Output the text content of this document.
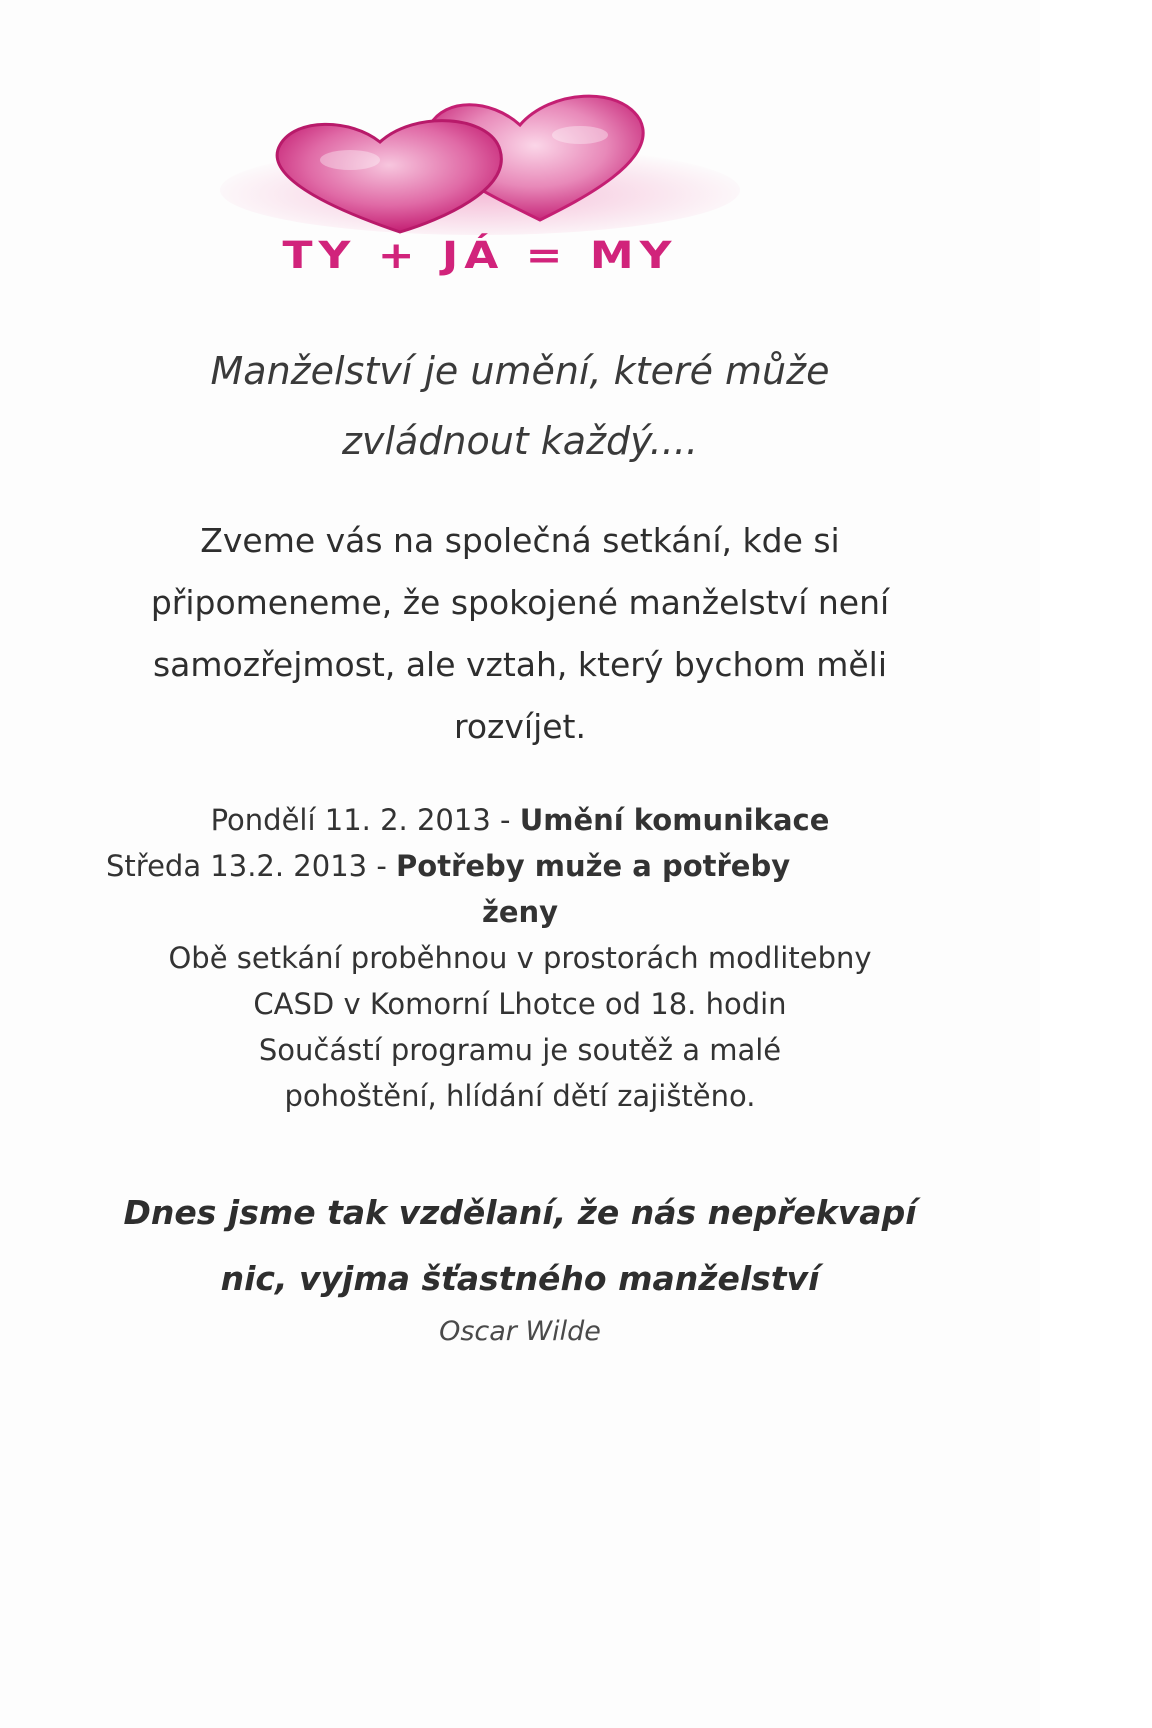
TY + JÁ = MY
Manželství je umění, které může
zvládnout každý....
Zveme vás na společná setkání, kde si
připomeneme, že spokojené manželství není
samozřejmost, ale vztah, který bychom měli
rozvíjet.
Pondělí 11. 2. 2013 - Umění komunikace
Středa 13.2. 2013 - Potřeby muže a potřeby
ženy
Obě setkání proběhnou v prostorách modlitebny
CASD v Komorní Lhotce od 18. hodin
Součástí programu je soutěž a malé
pohoštění, hlídání dětí zajištěno.
Dnes jsme tak vzdělaní, že nás nepřekvapí
nic, vyjma šťastného manželství
Oscar Wilde
